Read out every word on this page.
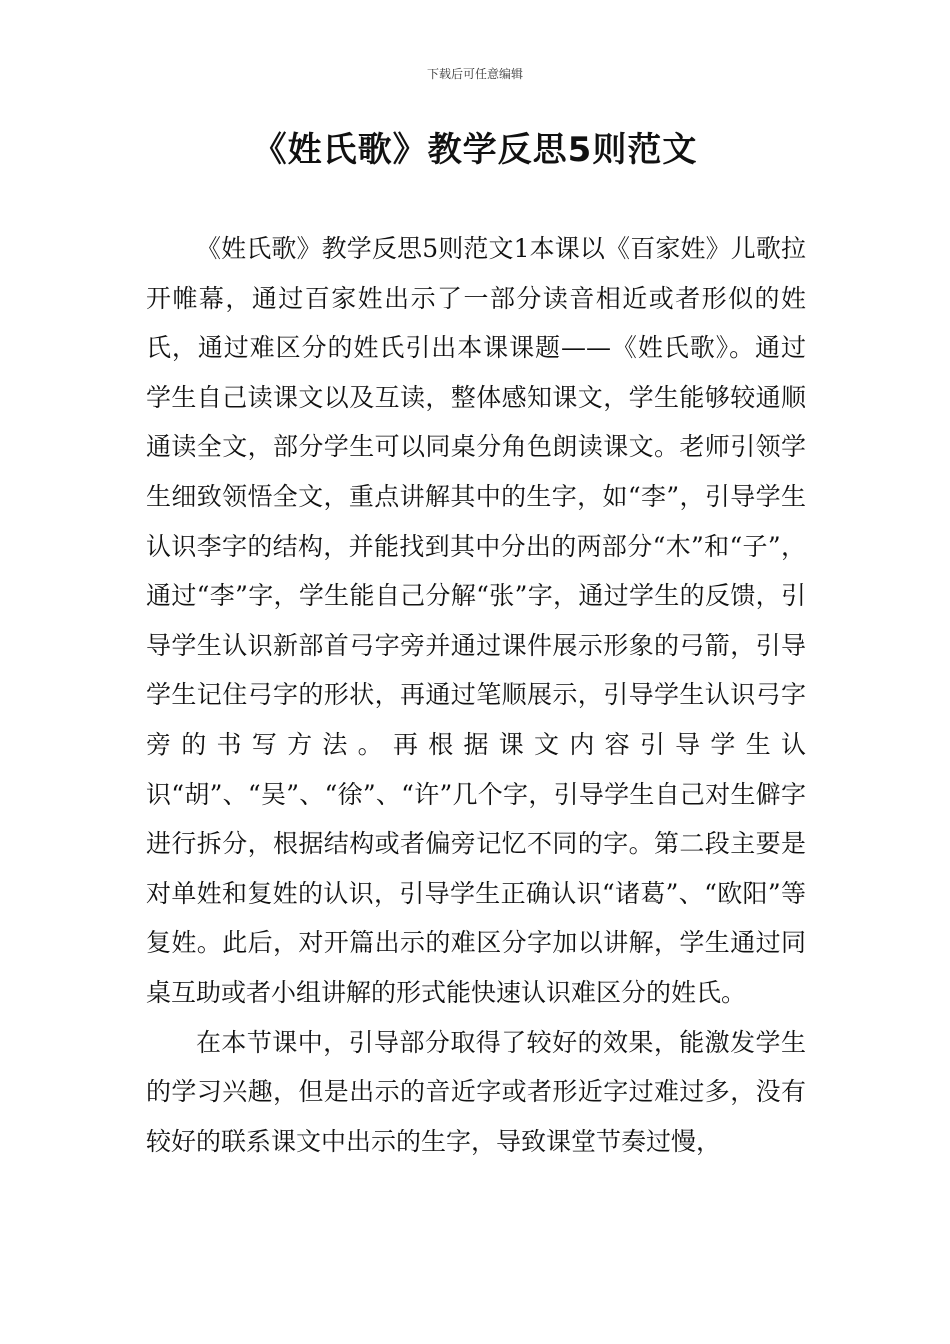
下载后可任意编辑
《姓氏歌》教学反思5则范文

《姓氏歌》教学反思5则范文1本课以《百家姓》儿歌拉开帷幕，通过百家姓出示了一部分读音相近或者形似的姓氏，通过难区分的姓氏引出本课课题——《姓氏歌》。通过学生自己读课文以及互读，整体感知课文，学生能够较通顺通读全文，部分学生可以同桌分角色朗读课文。老师引领学生细致领悟全文，重点讲解其中的生字，如“李”，引导学生认识李字的结构，并能找到其中分出的两部分“木”和“子”，通过“李”字，学生能自己分解“张”字，通过学生的反馈，引导学生认识新部首弓字旁并通过课件展示形象的弓箭，引导学生记住弓字的形状，再通过笔顺展示，引导学生认识弓字旁的书写方法。再根据课文内容引导学生认识“胡”、“吴”、“徐”、“许”几个字，引导学生自己对生僻字进行拆分，根据结构或者偏旁记忆不同的字。第二段主要是对单姓和复姓的认识，引导学生正确认识“诸葛”、“欧阳”等复姓。此后，对开篇出示的难区分字加以讲解，学生通过同桌互助或者小组讲解的形式能快速认识难区分的姓氏。

在本节课中，引导部分取得了较好的效果，能激发学生的学习兴趣，但是出示的音近字或者形近字过难过多，没有较好的联系课文中出示的生字，导致课堂节奏过慢，
